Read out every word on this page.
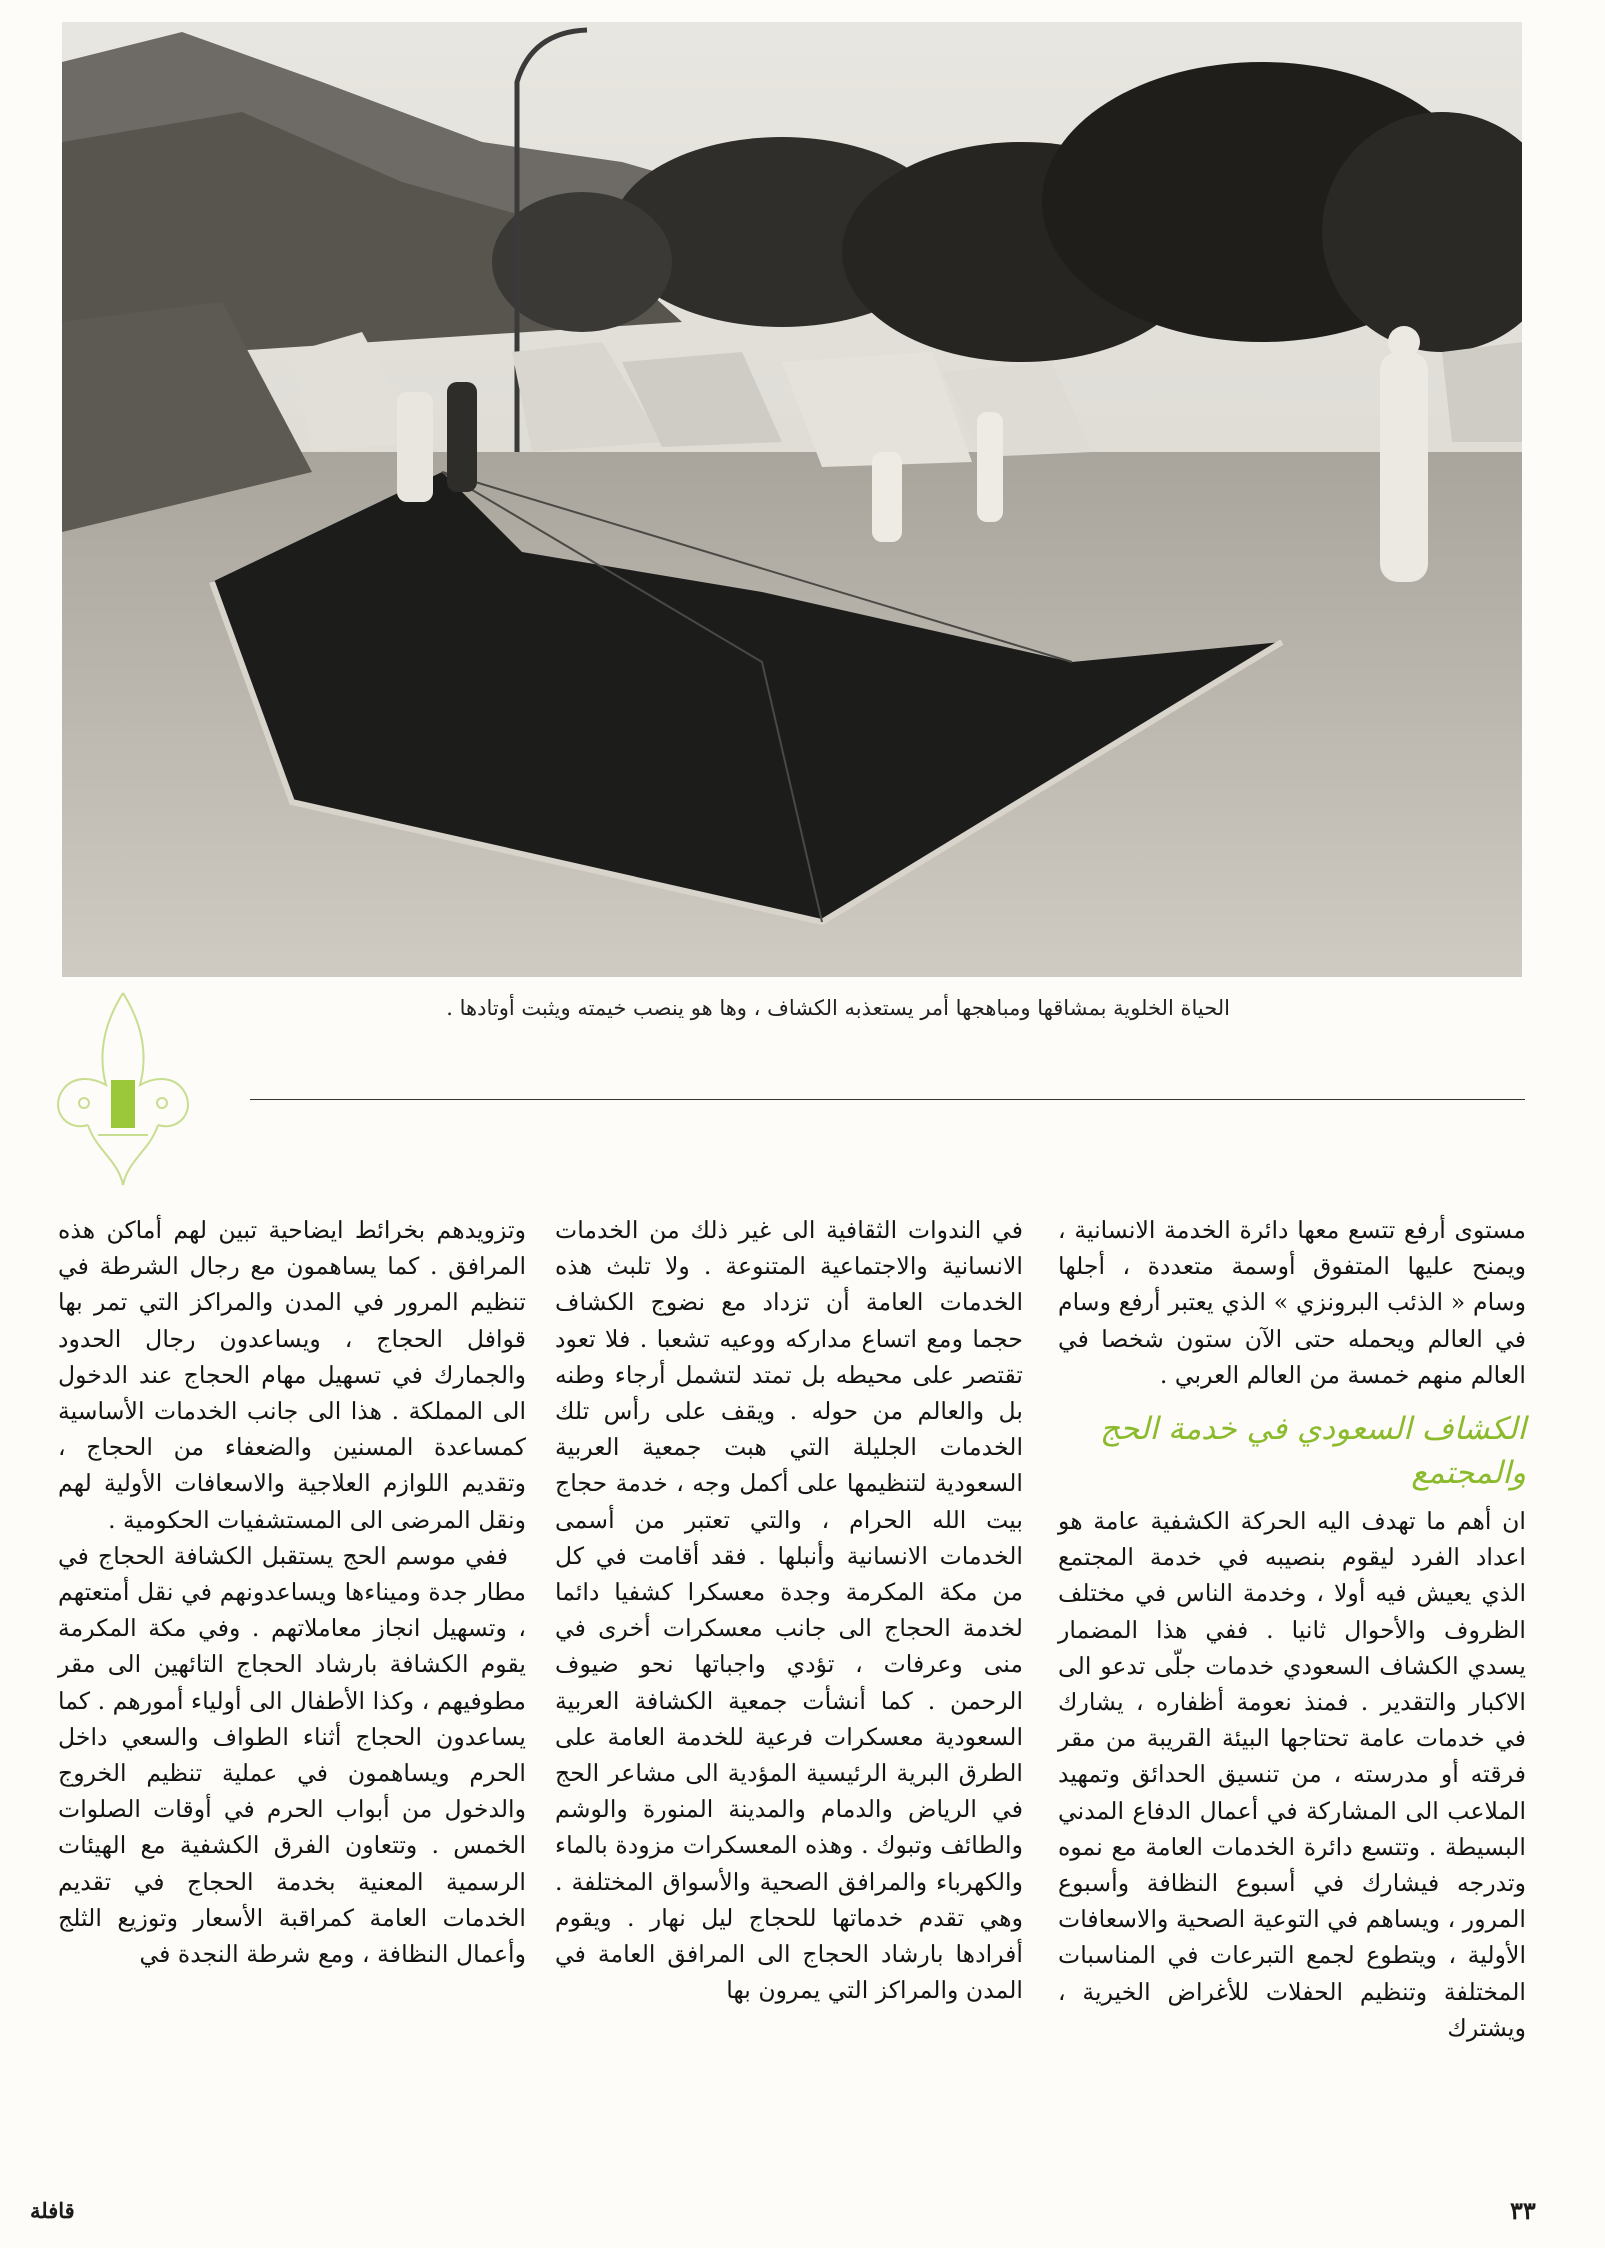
الحياة الخلوية بمشاقها ومباهجها أمر يستعذبه الكشاف ، وها هو ينصب خيمته ويثبت أوتادها .

مستوى أرفع تتسع معها دائرة الخدمة الانسانية ، ويمنح عليها المتفوق أوسمة متعددة ، أجلها وسام « الذئب البرونزي » الذي يعتبر أرفع وسام في العالم ويحمله حتى الآن ستون شخصا في العالم منهم خمسة من العالم العربي .

الكشاف السعودي في خدمة الحج والمجتمع

ان أهم ما تهدف اليه الحركة الكشفية عامة هو اعداد الفرد ليقوم بنصيبه في خدمة المجتمع الذي يعيش فيه أولا ، وخدمة الناس في مختلف الظروف والأحوال ثانيا . ففي هذا المضمار يسدي الكشاف السعودي خدمات جلّى تدعو الى الاكبار والتقدير . فمنذ نعومة أظفاره ، يشارك في خدمات عامة تحتاجها البيئة القريبة من مقر فرقته أو مدرسته ، من تنسيق الحدائق وتمهيد الملاعب الى المشاركة في أعمال الدفاع المدني البسيطة . وتتسع دائرة الخدمات العامة مع نموه وتدرجه فيشارك في أسبوع النظافة وأسبوع المرور ، ويساهم في التوعية الصحية والاسعافات الأولية ، ويتطوع لجمع التبرعات في المناسبات المختلفة وتنظيم الحفلات للأغراض الخيرية ، ويشترك

في الندوات الثقافية الى غير ذلك من الخدمات الانسانية والاجتماعية المتنوعة . ولا تلبث هذه الخدمات العامة أن تزداد مع نضوج الكشاف حجما ومع اتساع مداركه ووعيه تشعبا . فلا تعود تقتصر على محيطه بل تمتد لتشمل أرجاء وطنه بل والعالم من حوله . ويقف على رأس تلك الخدمات الجليلة التي هبت جمعية العربية السعودية لتنظيمها على أكمل وجه ، خدمة حجاج بيت الله الحرام ، والتي تعتبر من أسمى الخدمات الانسانية وأنبلها . فقد أقامت في كل من مكة المكرمة وجدة معسكرا كشفيا دائما لخدمة الحجاج الى جانب معسكرات أخرى في منى وعرفات ، تؤدي واجباتها نحو ضيوف الرحمن . كما أنشأت جمعية الكشافة العربية السعودية معسكرات فرعية للخدمة العامة على الطرق البرية الرئيسية المؤدية الى مشاعر الحج في الرياض والدمام والمدينة المنورة والوشم والطائف وتبوك . وهذه المعسكرات مزودة بالماء والكهرباء والمرافق الصحية والأسواق المختلفة . وهي تقدم خدماتها للحجاج ليل نهار . ويقوم أفرادها بارشاد الحجاج الى المرافق العامة في المدن والمراكز التي يمرون بها

وتزويدهم بخرائط ايضاحية تبين لهم أماكن هذه المرافق . كما يساهمون مع رجال الشرطة في تنظيم المرور في المدن والمراكز التي تمر بها قوافل الحجاج ، ويساعدون رجال الحدود والجمارك في تسهيل مهام الحجاج عند الدخول الى المملكة . هذا الى جانب الخدمات الأساسية كمساعدة المسنين والضعفاء من الحجاج ، وتقديم اللوازم العلاجية والاسعافات الأولية لهم ونقل المرضى الى المستشفيات الحكومية .

ففي موسم الحج يستقبل الكشافة الحجاج في مطار جدة وميناءها ويساعدونهم في نقل أمتعتهم ، وتسهيل انجاز معاملاتهم . وفي مكة المكرمة يقوم الكشافة بارشاد الحجاج التائهين الى مقر مطوفيهم ، وكذا الأطفال الى أولياء أمورهم . كما يساعدون الحجاج أثناء الطواف والسعي داخل الحرم ويساهمون في عملية تنظيم الخروج والدخول من أبواب الحرم في أوقات الصلوات الخمس . وتتعاون الفرق الكشفية مع الهيئات الرسمية المعنية بخدمة الحجاج في تقديم الخدمات العامة كمراقبة الأسعار وتوزيع الثلج وأعمال النظافة ، ومع شرطة النجدة في

٣٣
قافلة
